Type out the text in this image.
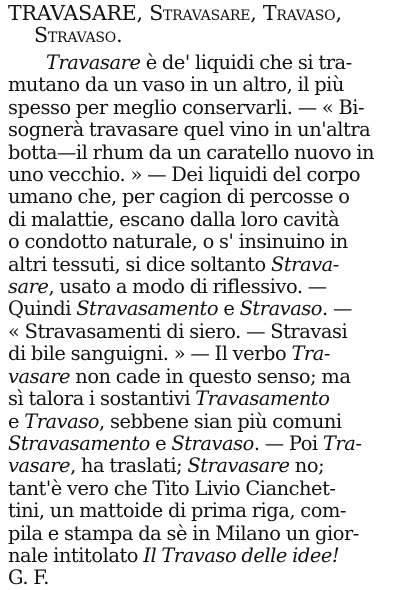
TRAVASARE, Stravasare, Travaso,
Stravaso.
Travasare è de' liquidi che si tra-
mutano da un vaso in un altro, il più
spesso per meglio conservarli. — « Bi-
sognerà travasare quel vino in un'altra
botta—il rhum da un caratello nuovo in
uno vecchio. » — Dei liquidi del corpo
umano che, per cagion di percosse o
di malattie, escano dalla loro cavità
o condotto naturale, o s' insinuino in
altri tessuti, si dice soltanto Strava-
sare, usato a modo di riflessivo. —
Quindi Stravasamento e Stravaso. —
« Stravasamenti di siero. — Stravasi
di bile sanguigni. » — Il verbo Tra-
vasare non cade in questo senso; ma
sì talora i sostantivi Travasamento
e Travaso, sebbene sian più comuni
Stravasamento e Stravaso. — Poi Tra-
vasare, ha traslati; Stravasare no;
tant'è vero che Tito Livio Cianchet-
tini, un mattoide di prima riga, com-
pila e stampa da sè in Milano un gior-
nale intitolato Il Travaso delle idee!
G. F.
